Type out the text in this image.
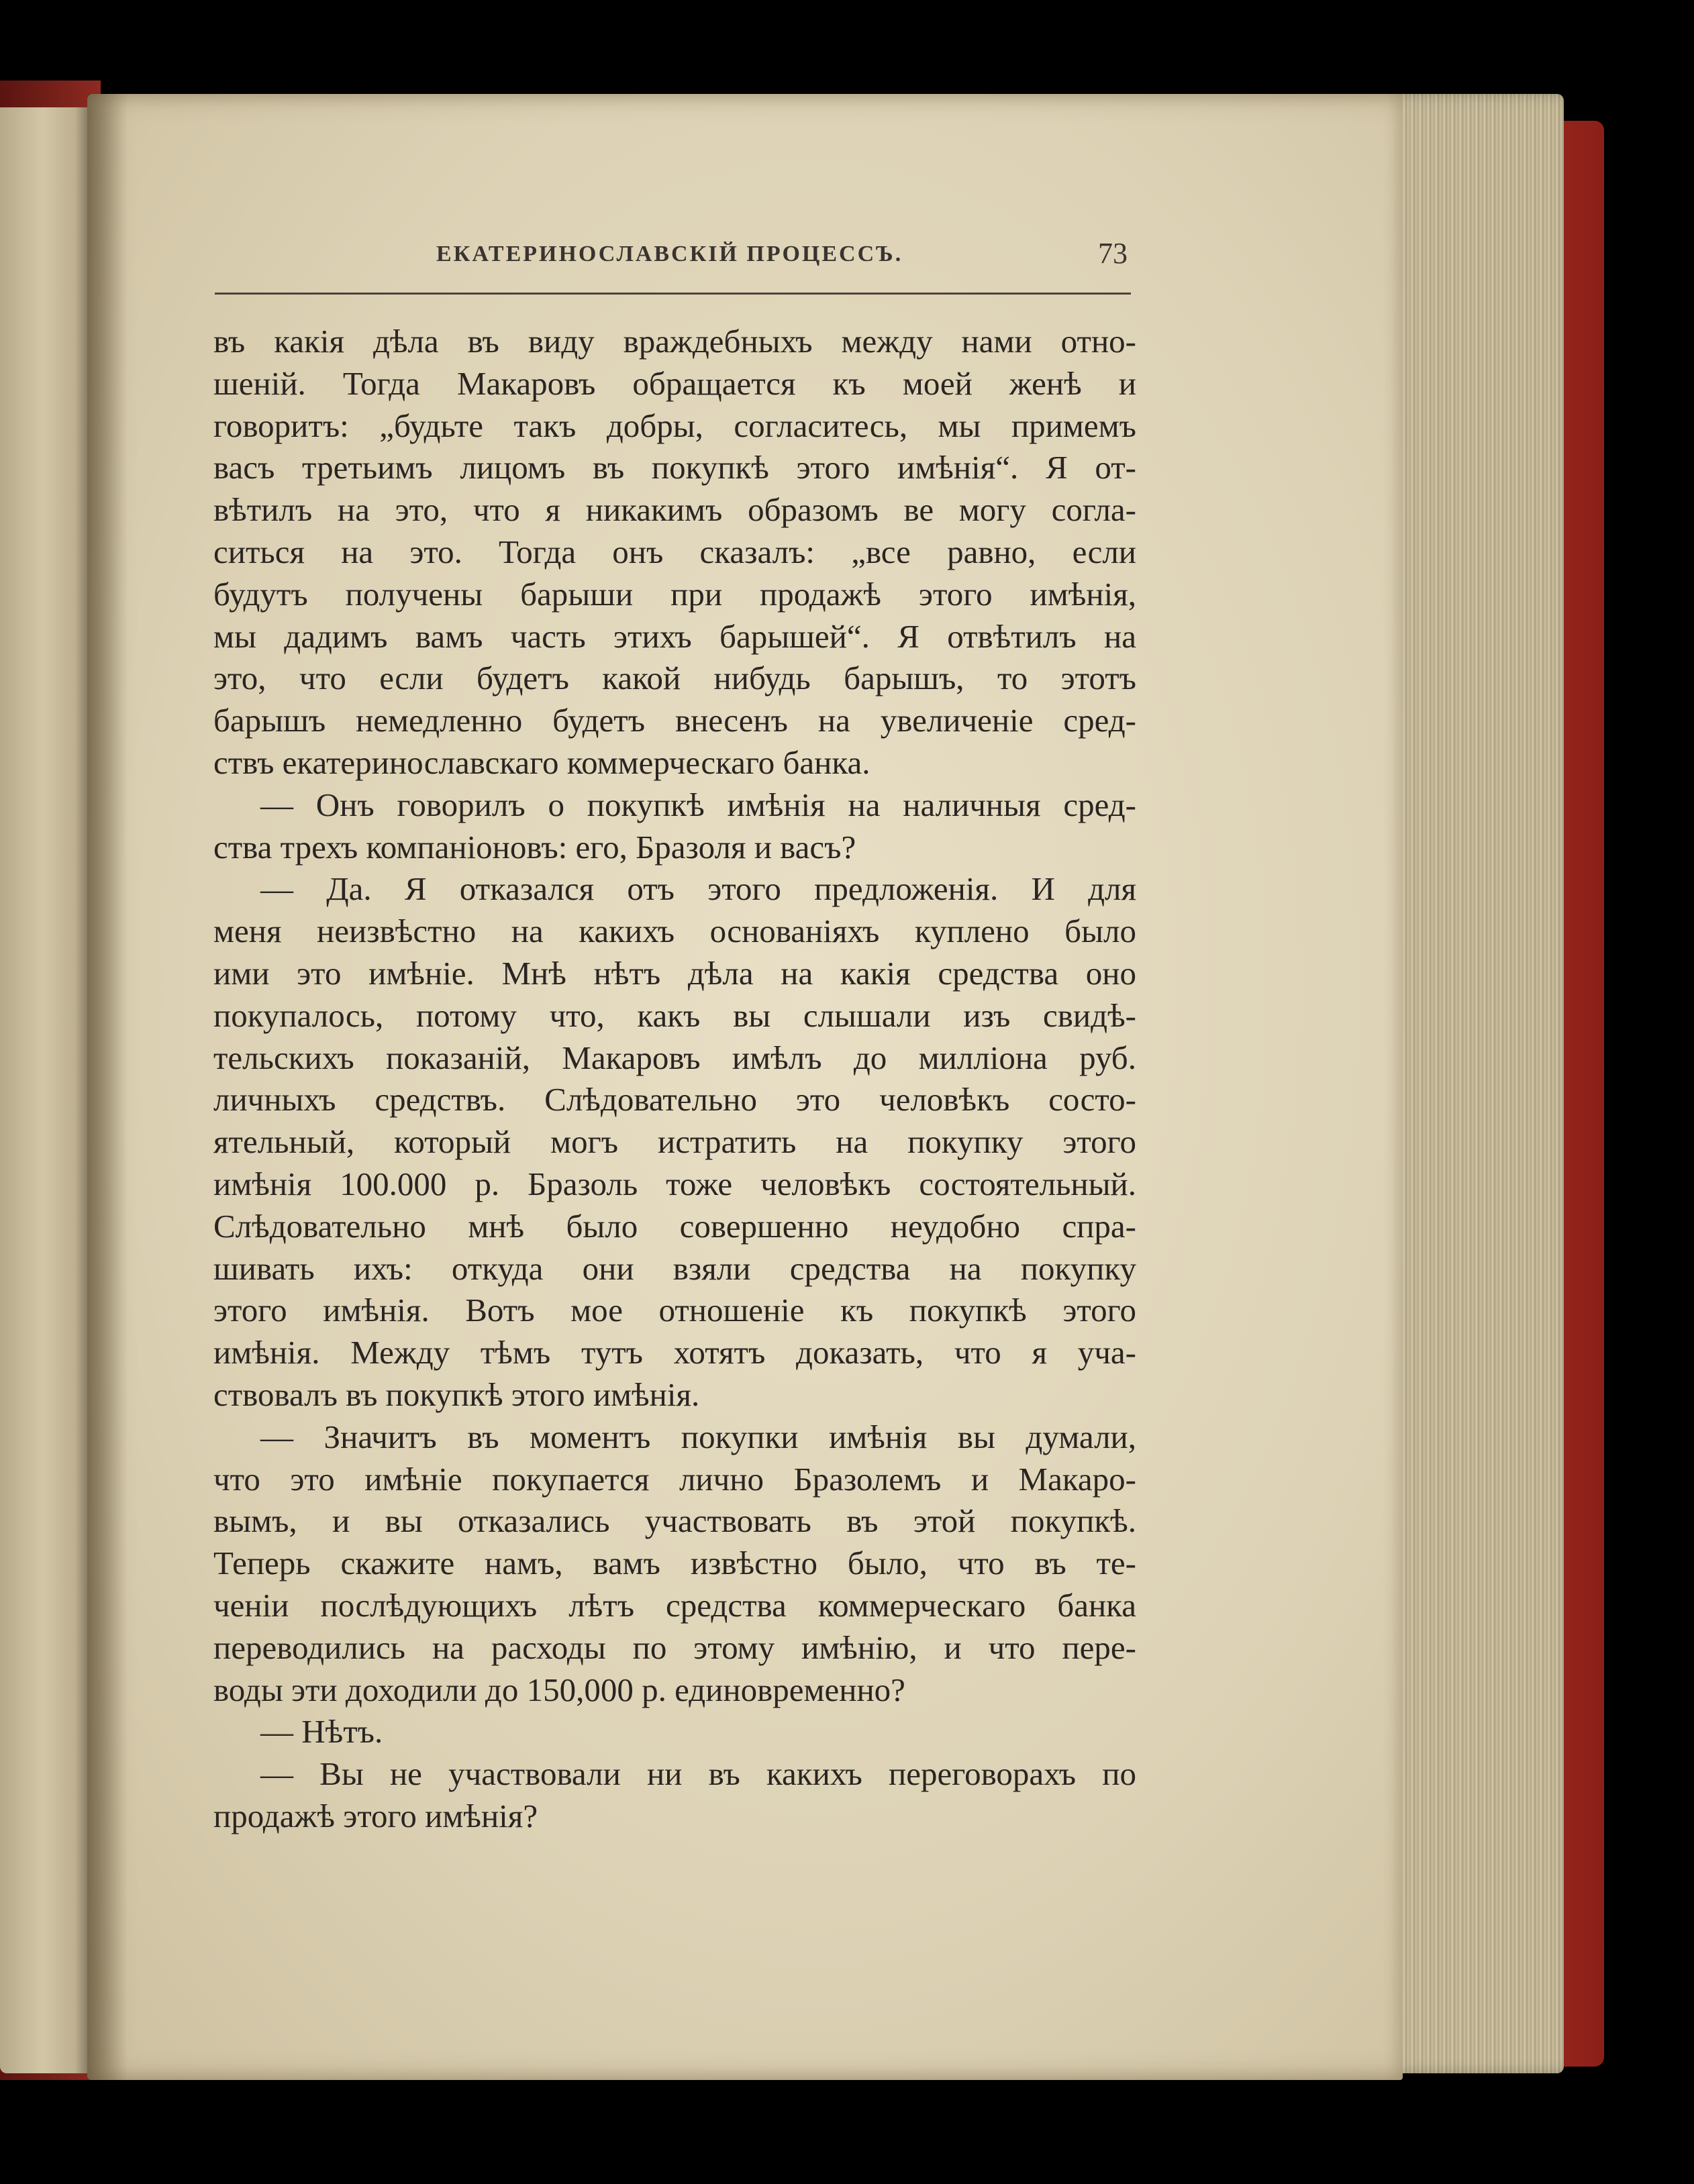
ЕКАТЕРИНОСЛАВСКIЙ ПРОЦЕССЪ.	73
въ какiя дѣла въ виду враждебныхъ между нами отно-
шенiй. Тогда Макаровъ обращается къ моей женѣ и
говоритъ: „будьте такъ добры, согласитесь, мы примемъ
васъ третьимъ лицомъ въ покупкѣ этого имѣнiя“. Я от-
вѣтилъ на это, что я никакимъ образомъ ве могу согла-
ситься на это. Тогда онъ сказалъ: „все равно, если
будутъ получены барыши при продажѣ этого имѣнiя,
мы дадимъ вамъ часть этихъ барышей“. Я отвѣтилъ на
это, что если будетъ какой нибудь барышъ, то этотъ
барышъ немедленно будетъ внесенъ на увеличенiе сред-
ствъ екатеринославскаго коммерческаго банка.
— Онъ говорилъ о покупкѣ имѣнiя на наличныя сред-
ства трехъ компанiоновъ: его, Бразоля и васъ?
— Да. Я отказался отъ этого предложенiя. И для
меня неизвѣстно на какихъ основанiяхъ куплено было
ими это имѣнiе. Мнѣ нѣтъ дѣла на какiя средства оно
покупалось, потому что, какъ вы слышали изъ свидѣ-
тельскихъ показанiй, Макаровъ имѣлъ до миллiона руб.
личныхъ средствъ. Слѣдовательно это человѣкъ состо-
ятельный, который могъ истратить на покупку этого
имѣнiя 100.000 р. Бразоль тоже человѣкъ состоятельный.
Слѣдовательно мнѣ было совершенно неудобно спра-
шивать ихъ: откуда они взяли средства на покупку
этого имѣнiя. Вотъ мое отношенiе къ покупкѣ этого
имѣнiя. Между тѣмъ тутъ хотятъ доказать, что я уча-
ствовалъ въ покупкѣ этого имѣнiя.
— Значитъ въ моментъ покупки имѣнiя вы думали,
что это имѣнiе покупается лично Бразолемъ и Макаро-
вымъ, и вы отказались участвовать въ этой покупкѣ.
Теперь скажите намъ, вамъ извѣстно было, что въ те-
ченiи послѣдующихъ лѣтъ средства коммерческаго банка
переводились на расходы по этому имѣнiю, и что пере-
воды эти доходили до 150,000 р. единовременно?
— Нѣтъ.
— Вы не участвовали ни въ какихъ переговорахъ по
продажѣ этого имѣнiя?
